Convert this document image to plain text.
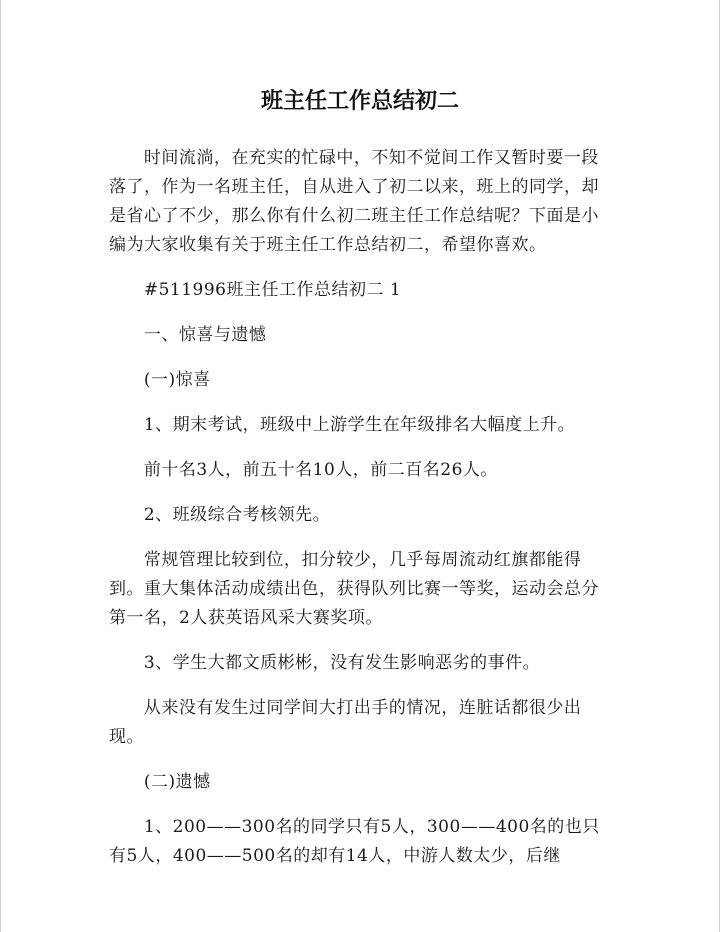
班主任工作总结初二

时间流淌，在充实的忙碌中，不知不觉间工作又暂时要一段落了，作为一名班主任，自从进入了初二以来，班上的同学，却是省心了不少，那么你有什么初二班主任工作总结呢？下面是小编为大家收集有关于班主任工作总结初二，希望你喜欢。

#511996班主任工作总结初二 1

一、惊喜与遗憾

(一)惊喜

1、期末考试，班级中上游学生在年级排名大幅度上升。

前十名3人，前五十名10人，前二百名26人。

2、班级综合考核领先。

常规管理比较到位，扣分较少，几乎每周流动红旗都能得到。重大集体活动成绩出色，获得队列比赛一等奖，运动会总分第一名，2人获英语风采大赛奖项。

3、学生大都文质彬彬，没有发生影响恶劣的事件。

从来没有发生过同学间大打出手的情况，连脏话都很少出现。

(二)遗憾

1、200——300名的同学只有5人，300——400名的也只有5人，400——500名的却有14人，中游人数太少，后继
